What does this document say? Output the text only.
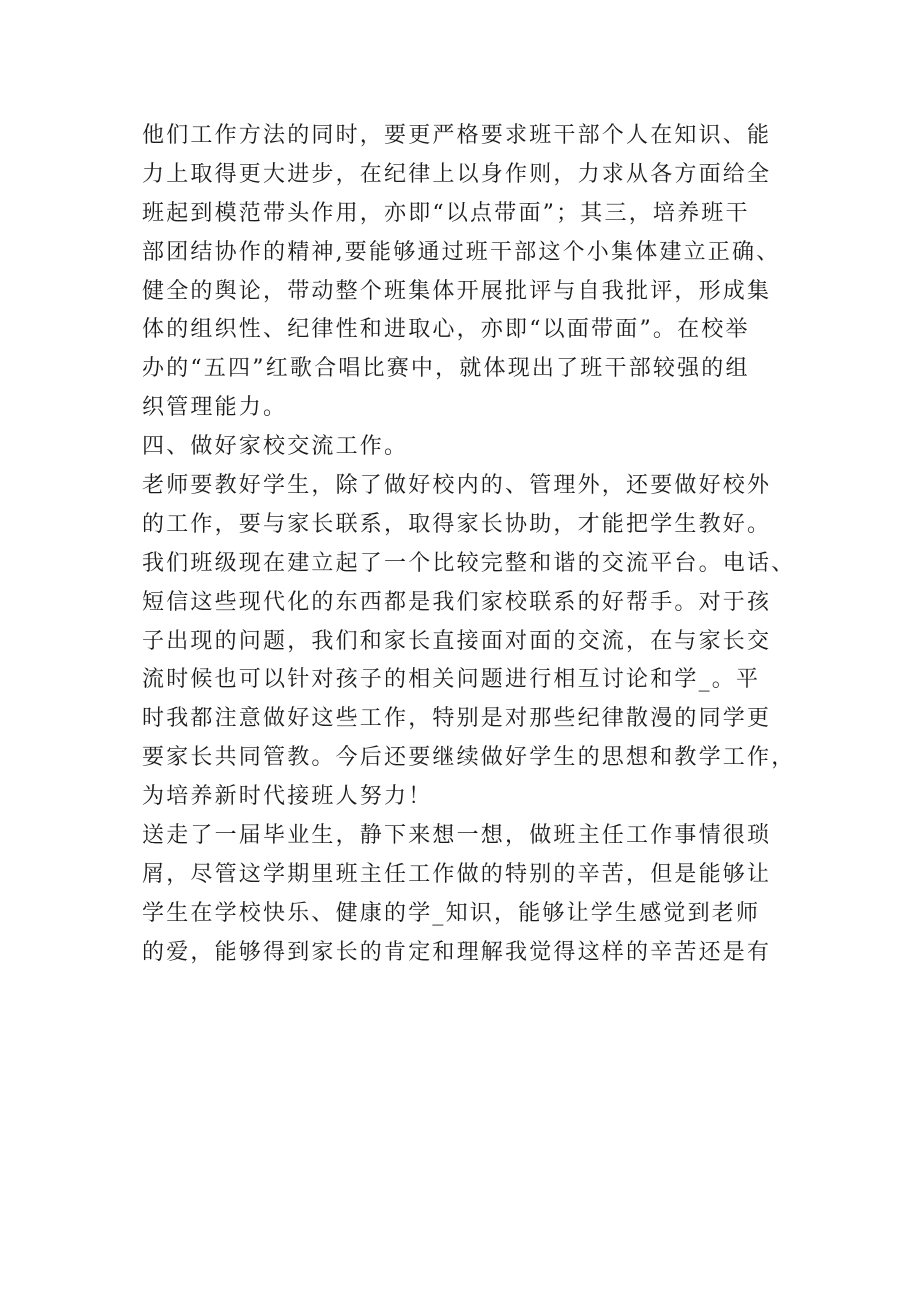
他们工作方法的同时，要更严格要求班干部个人在知识、能
力上取得更大进步，在纪律上以身作则，力求从各方面给全
班起到模范带头作用，亦即“以点带面”；其三，培养班干
部团结协作的精神,要能够通过班干部这个小集体建立正确、
健全的舆论，带动整个班集体开展批评与自我批评，形成集
体的组织性、纪律性和进取心，亦即“以面带面”。在校举
办的“五四”红歌合唱比赛中，就体现出了班干部较强的组
织管理能力。
四、做好家校交流工作。
老师要教好学生，除了做好校内的、管理外，还要做好校外
的工作，要与家长联系，取得家长协助，才能把学生教好。
我们班级现在建立起了一个比较完整和谐的交流平台。电话、
短信这些现代化的东西都是我们家校联系的好帮手。对于孩
子出现的问题，我们和家长直接面对面的交流，在与家长交
流时候也可以针对孩子的相关问题进行相互讨论和学_。平
时我都注意做好这些工作，特别是对那些纪律散漫的同学更
要家长共同管教。今后还要继续做好学生的思想和教学工作，
为培养新时代接班人努力！
送走了一届毕业生，静下来想一想，做班主任工作事情很琐
屑，尽管这学期里班主任工作做的特别的辛苦，但是能够让
学生在学校快乐、健康的学_知识，能够让学生感觉到老师
的爱，能够得到家长的肯定和理解我觉得这样的辛苦还是有
